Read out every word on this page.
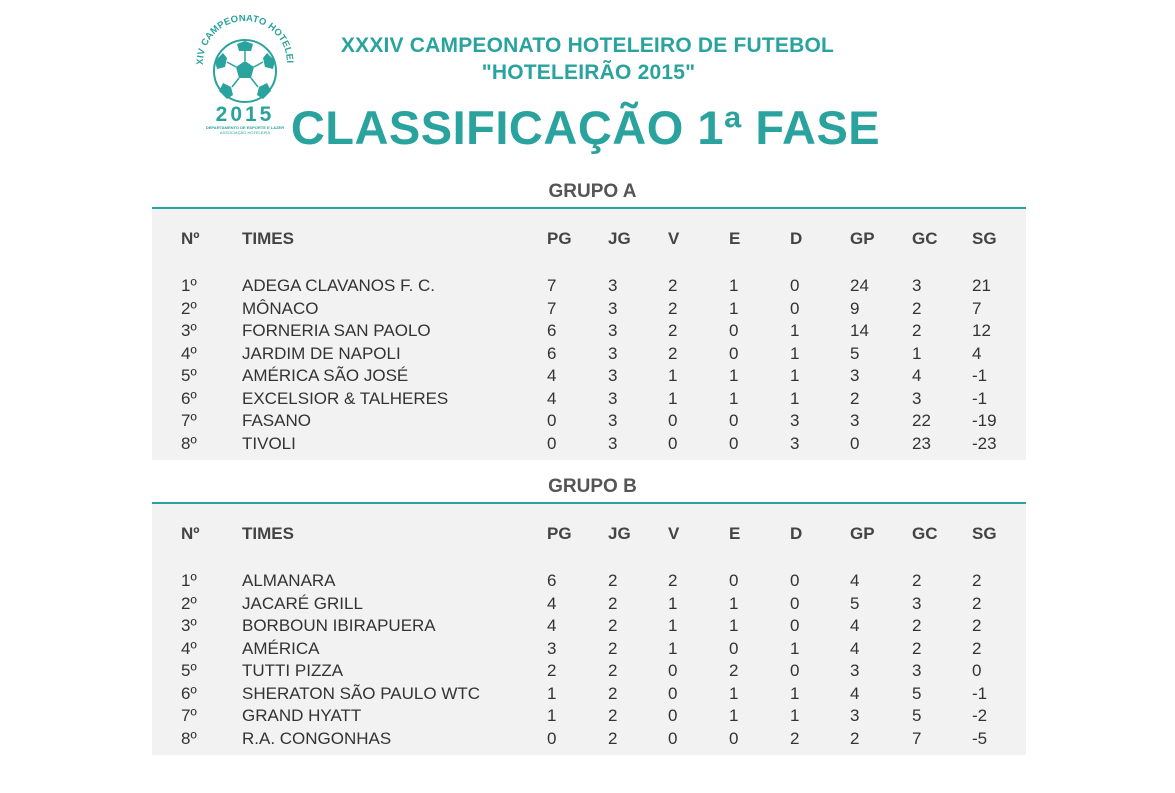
XIV CAMPEONATO HOTELEI
2015
DEPARTAMENTO DE ESPORTE E LAZER
ASSOCIAÇÃO HOTELEIRA
XXXIV CAMPEONATO HOTELEIRO DE FUTEBOL
"HOTELEIRÃO 2015"
CLASSIFICAÇÃO 1ª FASE
GRUPO A
Nº	TIMES	PG JG V	E	D	GP GC SG
1º	ADEGA CLAVANOS F. C.	7	3	2	1	0	24	3	21
2º	MÔNACO	7	3	2	1	0	9	2	7
3º	FORNERIA SAN PAOLO	6	3	2	0	1	14	2	12
4º	JARDIM DE NAPOLI	6	3	2	0	1	5	1	4
5º	AMÉRICA SÃO JOSÉ	4	3	1	1	1	3	4	-1
6º	EXCELSIOR & TALHERES	4	3	1	1	1	2	3	-1
7º	FASANO	0	3	0	0	3	3	22 -19
8º	TIVOLI	0	3	0	0	3	0	23 -23
GRUPO B
Nº	TIMES	PG JG V	E	D	GP GC SG
1º	ALMANARA	6	2	2	0	0	4	2	2
2º	JACARÉ GRILL	4	2	1	1	0	5	3	2
3º	BORBOUN IBIRAPUERA	4	2	1	1	0	4	2	2
4º	AMÉRICA	3	2	1	0	1	4	2	2
5º	TUTTI PIZZA	2	2	0	2	0	3	3	0
6º	SHERATON SÃO PAULO WTC	1	2	0	1	1	4	5	-1
7º	GRAND HYATT	1	2	0	1	1	3	5	-2
8º	R.A. CONGONHAS	0	2	0	0	2	2	7	-5
